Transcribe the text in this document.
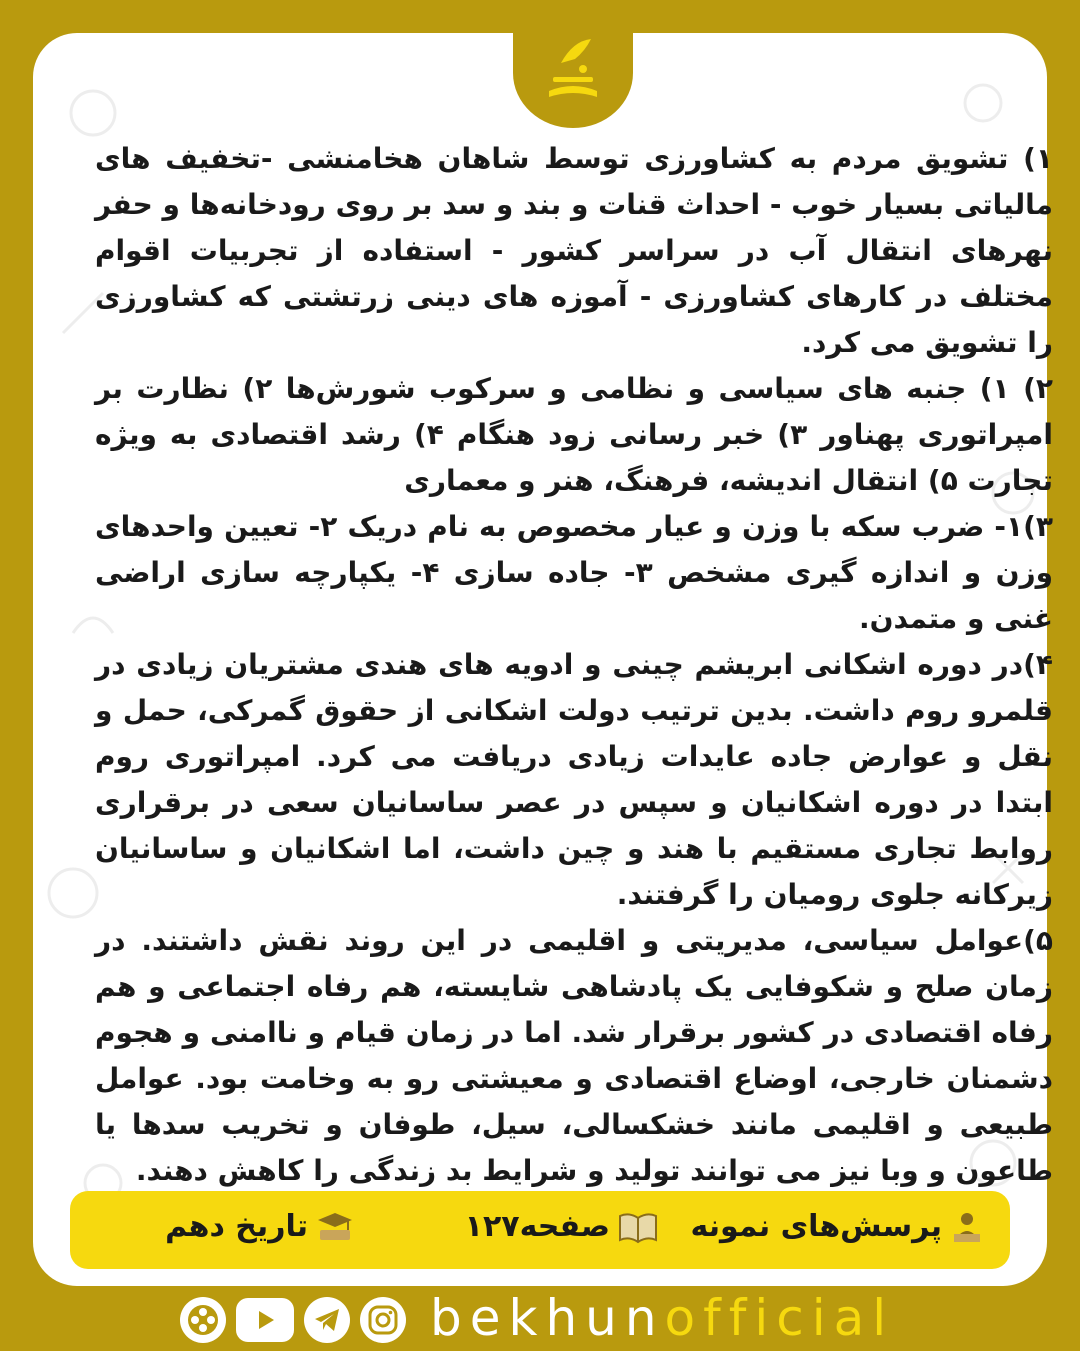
۱) تشویق مردم به کشاورزی توسط شاهان هخامنشی -تخفیف های مالیاتی بسیار خوب - احداث قنات و بند و سد بر روی رودخانه‌ها و حفر نهرهای انتقال آب در سراسر کشور - استفاده از تجربیات اقوام مختلف در کارهای کشاورزی - آموزه های دینی زرتشتی که کشاورزی را تشویق می کرد.

۲) ۱) جنبه های سیاسی و نظامی و سرکوب شورش‌ها ۲) نظارت بر امپراتوری پهناور ۳) خبر رسانی زود هنگام ۴) رشد اقتصادی به ویژه تجارت ۵) انتقال اندیشه، فرهنگ، هنر و معماری

۳)۱- ضرب سکه با وزن و عیار مخصوص به نام دریک ۲- تعیین واحدهای وزن و اندازه گیری مشخص ۳- جاده سازی ۴- یکپارچه سازی اراضی غنی و متمدن.

۴)در دوره اشکانی ابریشم چینی و ادویه های هندی مشتریان زیادی در قلمرو روم داشت. بدین ترتیب دولت اشکانی از حقوق گمرکی، حمل و نقل و عوارض جاده عایدات زیادی دریافت می کرد. امپراتوری روم ابتدا در دوره اشکانیان و سپس در عصر ساسانیان سعی در برقراری روابط تجاری مستقیم با هند و چین داشت، اما اشکانیان و ساسانیان زیرکانه جلوی رومیان را گرفتند.

۵)عوامل سیاسی، مدیریتی و اقلیمی در این روند نقش داشتند. در زمان صلح و شکوفایی یک پادشاهی شایسته، هم رفاه اجتماعی و هم رفاه اقتصادی در کشور برقرار شد. اما در زمان قیام و ناامنی و هجوم دشمنان خارجی، اوضاع اقتصادی و معیشتی رو به وخامت بود. عوامل طبیعی و اقلیمی مانند خشکسالی، سیل، طوفان و تخریب سدها یا طاعون و وبا نیز می توانند تولید و شرایط بد زندگی را کاهش دهند.

پرسش‌های نمونه
صفحه۱۲۷
تاریخ دهم
bekhunofficial
